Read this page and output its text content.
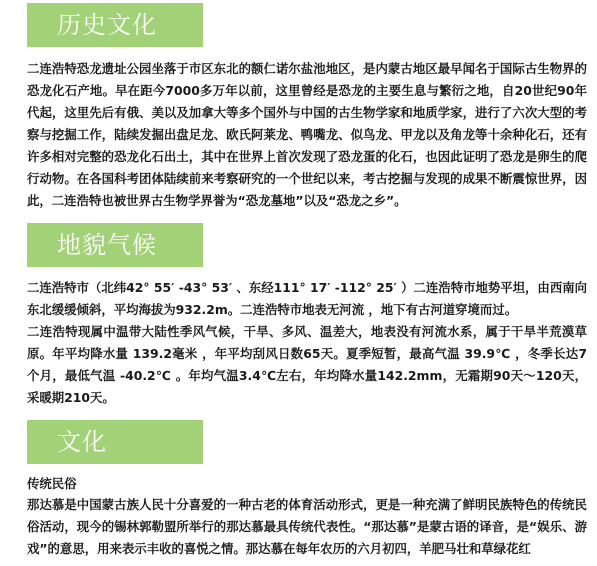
历史文化

二连浩特恐龙遗址公园坐落于市区东北的额仁诺尔盐池地区，是内蒙古地区最早闻名于国际古生物界的恐龙化石产地。早在距今7000多万年以前，这里曾经是恐龙的主要生息与繁衍之地，自20世纪90年代起，这里先后有俄、美以及加拿大等多个国外与中国的古生物学家和地质学家，进行了六次大型的考察与挖掘工作，陆续发掘出盘足龙、欧氏阿莱龙、鸭嘴龙、似鸟龙、甲龙以及角龙等十余种化石，还有许多相对完整的恐龙化石出土，其中在世界上首次发现了恐龙蛋的化石，也因此证明了恐龙是卵生的爬行动物。在各国科考团体陆续前来考察研究的一个世纪以来，考古挖掘与发现的成果不断震惊世界，因此，二连浩特也被世界古生物学界誉为“恐龙墓地”以及“恐龙之乡”。

地貌气候

二连浩特市（北纬42° 55′ -43° 53′ 、东经111° 17′ -112° 25′ ）二连浩特市地势平坦，由西南向东北缓缓倾斜，平均海拔为932.2m。二连浩特市地表无河流 ，地下有古河道穿境而过。

二连浩特现属中温带大陆性季风气候，干旱、多风、温差大，地表没有河流水系，属于干旱半荒漠草原。年平均降水量 139.2毫米 ，年平均刮风日数65天。夏季短暂，最高气温 39.9℃ ，冬季长达7个月，最低气温 -40.2℃ 。年均气温3.4℃左右，年均降水量142.2mm，无霜期90天～120天，采暖期210天。

文化

传统民俗

那达慕是中国蒙古族人民十分喜爱的一种古老的体育活动形式，更是一种充满了鲜明民族特色的传统民俗活动，现今的锡林郭勒盟所举行的那达慕最具传统代表性。“那达慕”是蒙古语的译音，是“娱乐、游戏”的意思，用来表示丰收的喜悦之情。那达慕在每年农历的六月初四，羊肥马壮和草绿花红
